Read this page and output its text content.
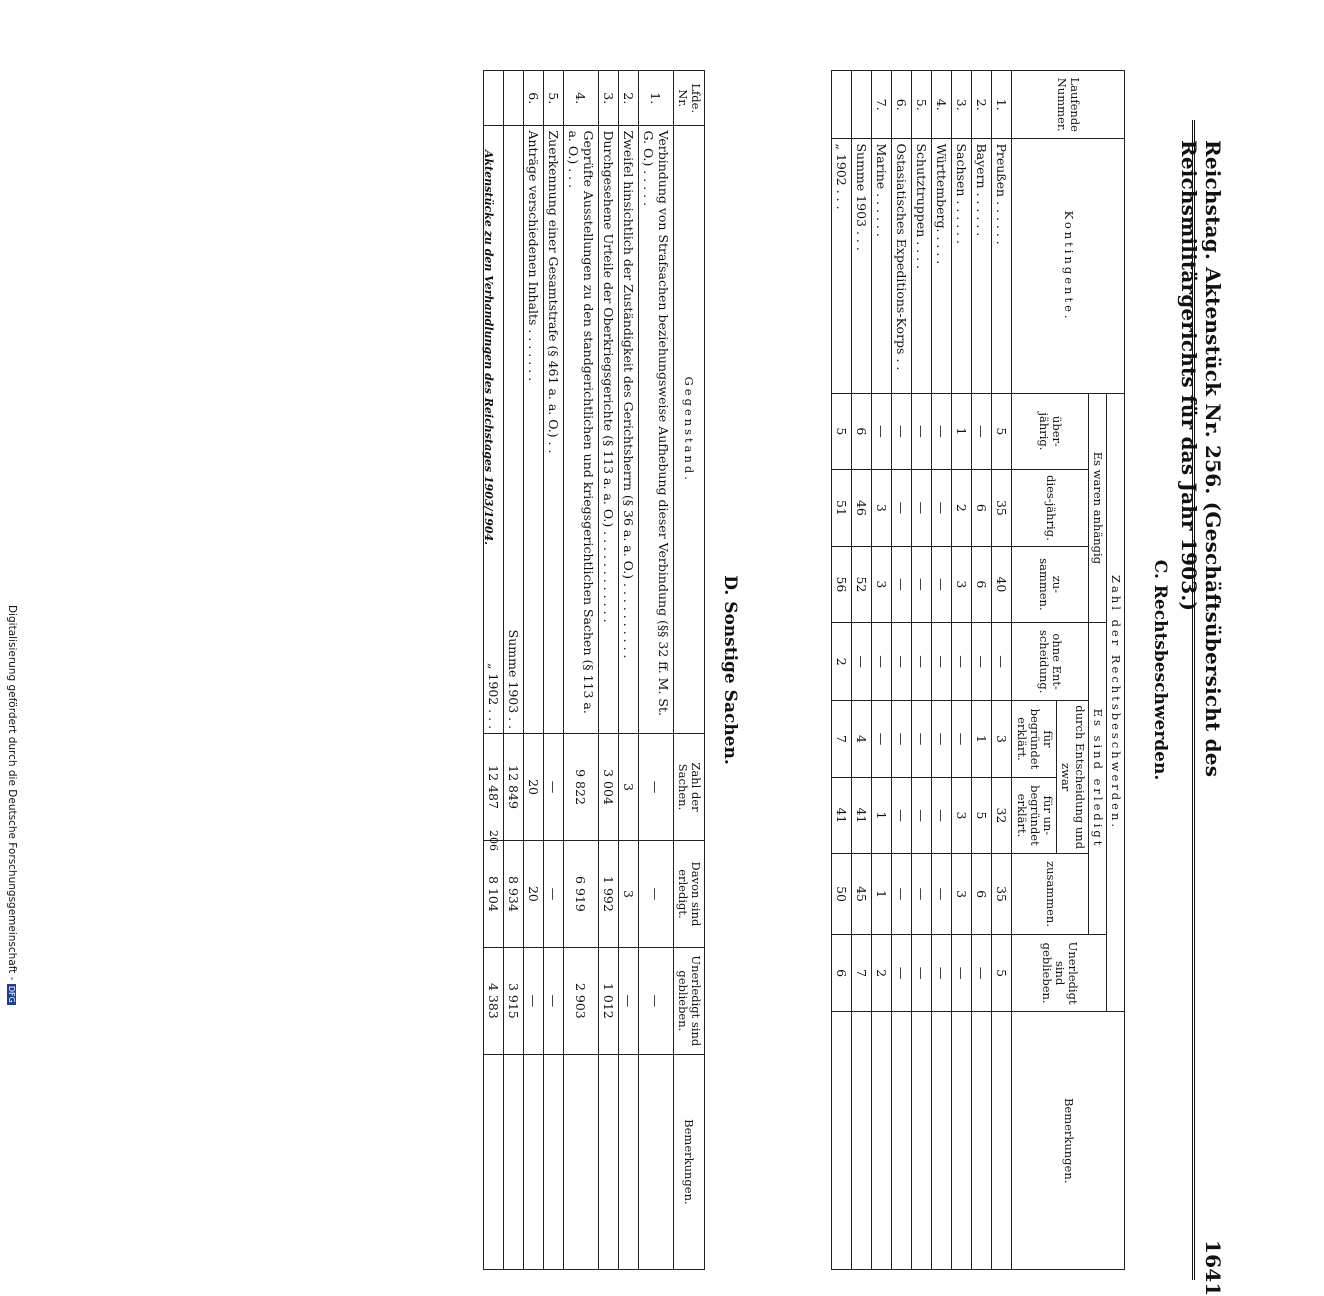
Reichstag. Aktenstück Nr. 256. (Geschäftsübersicht des Reichsmilitärgerichts für das Jahr 1903.)
1641
C. Rechtsbeschwerden.
Laufende Nummer.	Kontingente.	Zahl der Rechtsbeschwerden.								Bemerkungen.
		Es waren anhängig			Es sind erledigt				Unerledigt sind geblieben.	
		über-jährig.	dies-jährig.	zu-sammen.	ohne Ent-scheidung.	durch Entscheidung und zwar		zusammen.		
						für begründet erklärt.	für un-begründet erklärt.			
1.	Preußen . . . . . .	5	35	40	—	3	32	35	5	
2.	Bayern . . . . . .	—	6	6	—	1	5	6	—	
3.	Sachsen . . . . . .	1	2	3	—	—	3	3	—	
4.	Württemberg. . . . .	—	—	—	—	—	—	—	—	
5.	Schutztruppen . . . .	—	—	—	—	—	—	—	—	
6.	Ostasiatisches Expeditions-Korps . .	—	—	—	—	—	—	—	—	
7.	Marine . . . . . .	—	3	3	—	—	1	1	2	
	Summe 1903 . . .	6	46	52	—	4	41	45	7	
	„ 1902 . . .	5	51	56	2	7	41	50	6	
D. Sonstige Sachen.
Lfde. Nr.	Gegenstand.	Zahl der Sachen.	Davon sind erledigt.	Unerledigt sind geblieben.	Bemerkungen.
1.	Verbindung von Strafsachen beziehungsweise Aufhebung dieser Verbindung (§§ 32 ff. M. St. G. O.) . . . . .	—	—	—	
2.	Zweifel hinsichtlich der Zuständigkeit des Gerichtsherrn (§ 36 a. a. O.) . . . . . . . . . .	3	3	—	
3.	Durchgesehene Urteile der Oberkriegsgerichte (§ 113 a. a. O.) . . . . . . . . . . . .	3 004	1 992	1 012	
4.	Geprüfte Ausstellungen zu den standgerichtlichen und kriegsgerichtlichen Sachen (§ 113 a. a. O.) . . .	9 822	6 919	2 903	
5.	Zuerkennung einer Gesamtstrafe (§ 461 a. a. O.) . .	—	—	—	
6.	Anträge verschiedenen Inhalts . . . . . . .	20	20	—	
	Summe 1903 . .	12 849	8 934	3 915	
	„ 1902 . . .	12 487	8 104	4 383	
Aktenstücke zu den Verhandlungen des Reichstages 1903/1904.
206
Digitalisierung gefördert durch die Deutsche Forschungsgemeinschaft - DFG
